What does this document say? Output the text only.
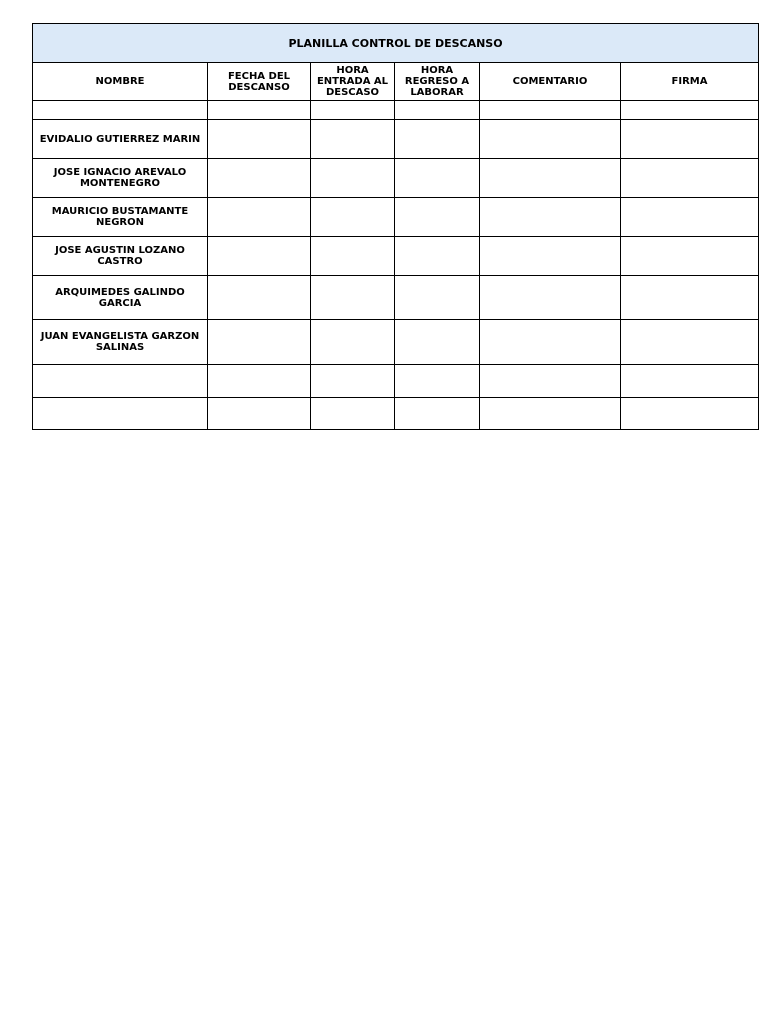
PLANILLA CONTROL DE DESCANSO					
NOMBRE	FECHA DEL DESCANSO	HORA ENTRADA AL DESCASO	HORA REGRESO A LABORAR	COMENTARIO	FIRMA

EVIDALIO GUTIERREZ MARIN					
JOSE IGNACIO AREVALO MONTENEGRO					
MAURICIO BUSTAMANTE NEGRON					
JOSE AGUSTIN LOZANO CASTRO					
ARQUIMEDES GALINDO GARCIA					
JUAN EVANGELISTA GARZON SALINAS					
